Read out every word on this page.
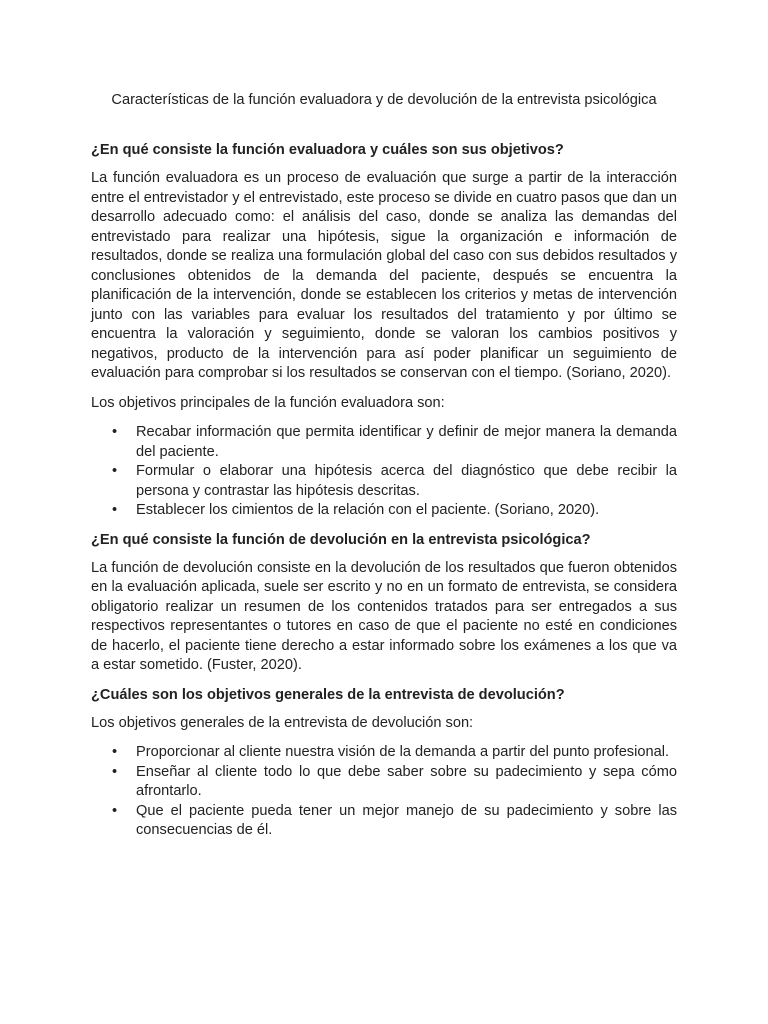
Características de la función evaluadora y de devolución de la entrevista psicológica
¿En qué consiste la función evaluadora y cuáles son sus objetivos?

La función evaluadora es un proceso de evaluación que surge a partir de la interacción entre el entrevistador y el entrevistado, este proceso se divide en cuatro pasos que dan un desarrollo adecuado como: el análisis del caso, donde se analiza las demandas del entrevistado para realizar una hipótesis, sigue la organización e información de resultados, donde se realiza una formulación global del caso con sus debidos resultados y conclusiones obtenidos de la demanda del paciente, después se encuentra la planificación de la intervención, donde se establecen los criterios y metas de intervención junto con las variables para evaluar los resultados del tratamiento y por último se encuentra la valoración y seguimiento, donde se valoran los cambios positivos y negativos, producto de la intervención para así poder planificar un seguimiento de evaluación para comprobar si los resultados se conservan con el tiempo. (Soriano, 2020).

Los objetivos principales de la función evaluadora son:

• Recabar información que permita identificar y definir de mejor manera la demanda del paciente.
• Formular o elaborar una hipótesis acerca del diagnóstico que debe recibir la persona y contrastar las hipótesis descritas.
• Establecer los cimientos de la relación con el paciente. (Soriano, 2020).
¿En qué consiste la función de devolución en la entrevista psicológica?

La función de devolución consiste en la devolución de los resultados que fueron obtenidos en la evaluación aplicada, suele ser escrito y no en un formato de entrevista, se considera obligatorio realizar un resumen de los contenidos tratados para ser entregados a sus respectivos representantes o tutores en caso de que el paciente no esté en condiciones de hacerlo, el paciente tiene derecho a estar informado sobre los exámenes a los que va a estar sometido. (Fuster, 2020).

¿Cuáles son los objetivos generales de la entrevista de devolución?

Los objetivos generales de la entrevista de devolución son:

• Proporcionar al cliente nuestra visión de la demanda a partir del punto profesional.
• Enseñar al cliente todo lo que debe saber sobre su padecimiento y sepa cómo afrontarlo.
• Que el paciente pueda tener un mejor manejo de su padecimiento y sobre las consecuencias de él.
